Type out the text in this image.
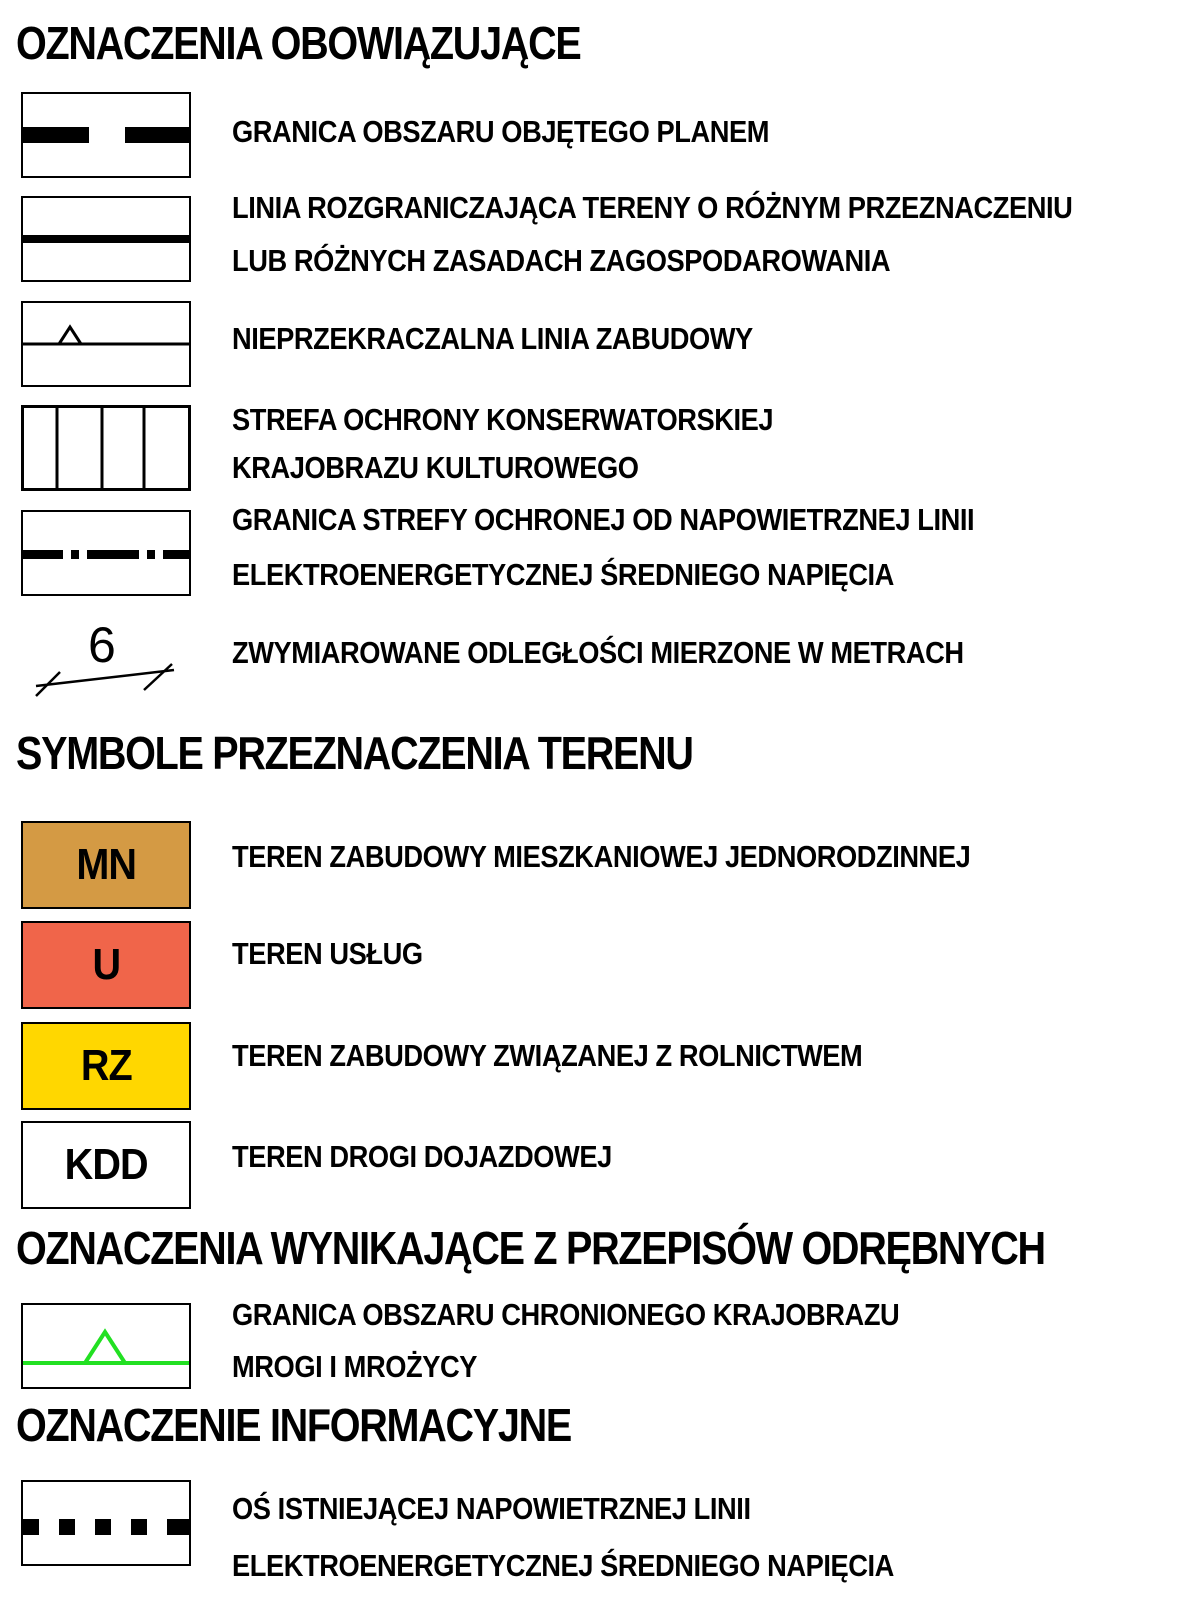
OZNACZENIA OBOWIĄZUJĄCE
GRANICA OBSZARU OBJĘTEGO PLANEM
LINIA ROZGRANICZAJĄCA TERENY O RÓŻNYM PRZEZNACZENIU
LUB RÓŻNYCH ZASADACH ZAGOSPODAROWANIA
NIEPRZEKRACZALNA LINIA ZABUDOWY
STREFA OCHRONY KONSERWATORSKIEJ
KRAJOBRAZU KULTUROWEGO
GRANICA STREFY OCHRONEJ OD NAPOWIETRZNEJ LINII
ELEKTROENERGETYCZNEJ ŚREDNIEGO NAPIĘCIA
6	ZWYMIAROWANE ODLEGŁOŚCI MIERZONE W METRACH
SYMBOLE PRZEZNACZENIA TERENU
MN	TEREN ZABUDOWY MIESZKANIOWEJ JEDNORODZINNEJ
U	TEREN USŁUG
RZ	TEREN ZABUDOWY ZWIĄZANEJ Z ROLNICTWEM
KDD	TEREN DROGI DOJAZDOWEJ
OZNACZENIA WYNIKAJĄCE Z PRZEPISÓW ODRĘBNYCH
GRANICA OBSZARU CHRONIONEGO KRAJOBRAZU
MROGI I MROŻYCY
OZNACZENIE INFORMACYJNE
OŚ ISTNIEJĄCEJ NAPOWIETRZNEJ LINII
ELEKTROENERGETYCZNEJ ŚREDNIEGO NAPIĘCIA
